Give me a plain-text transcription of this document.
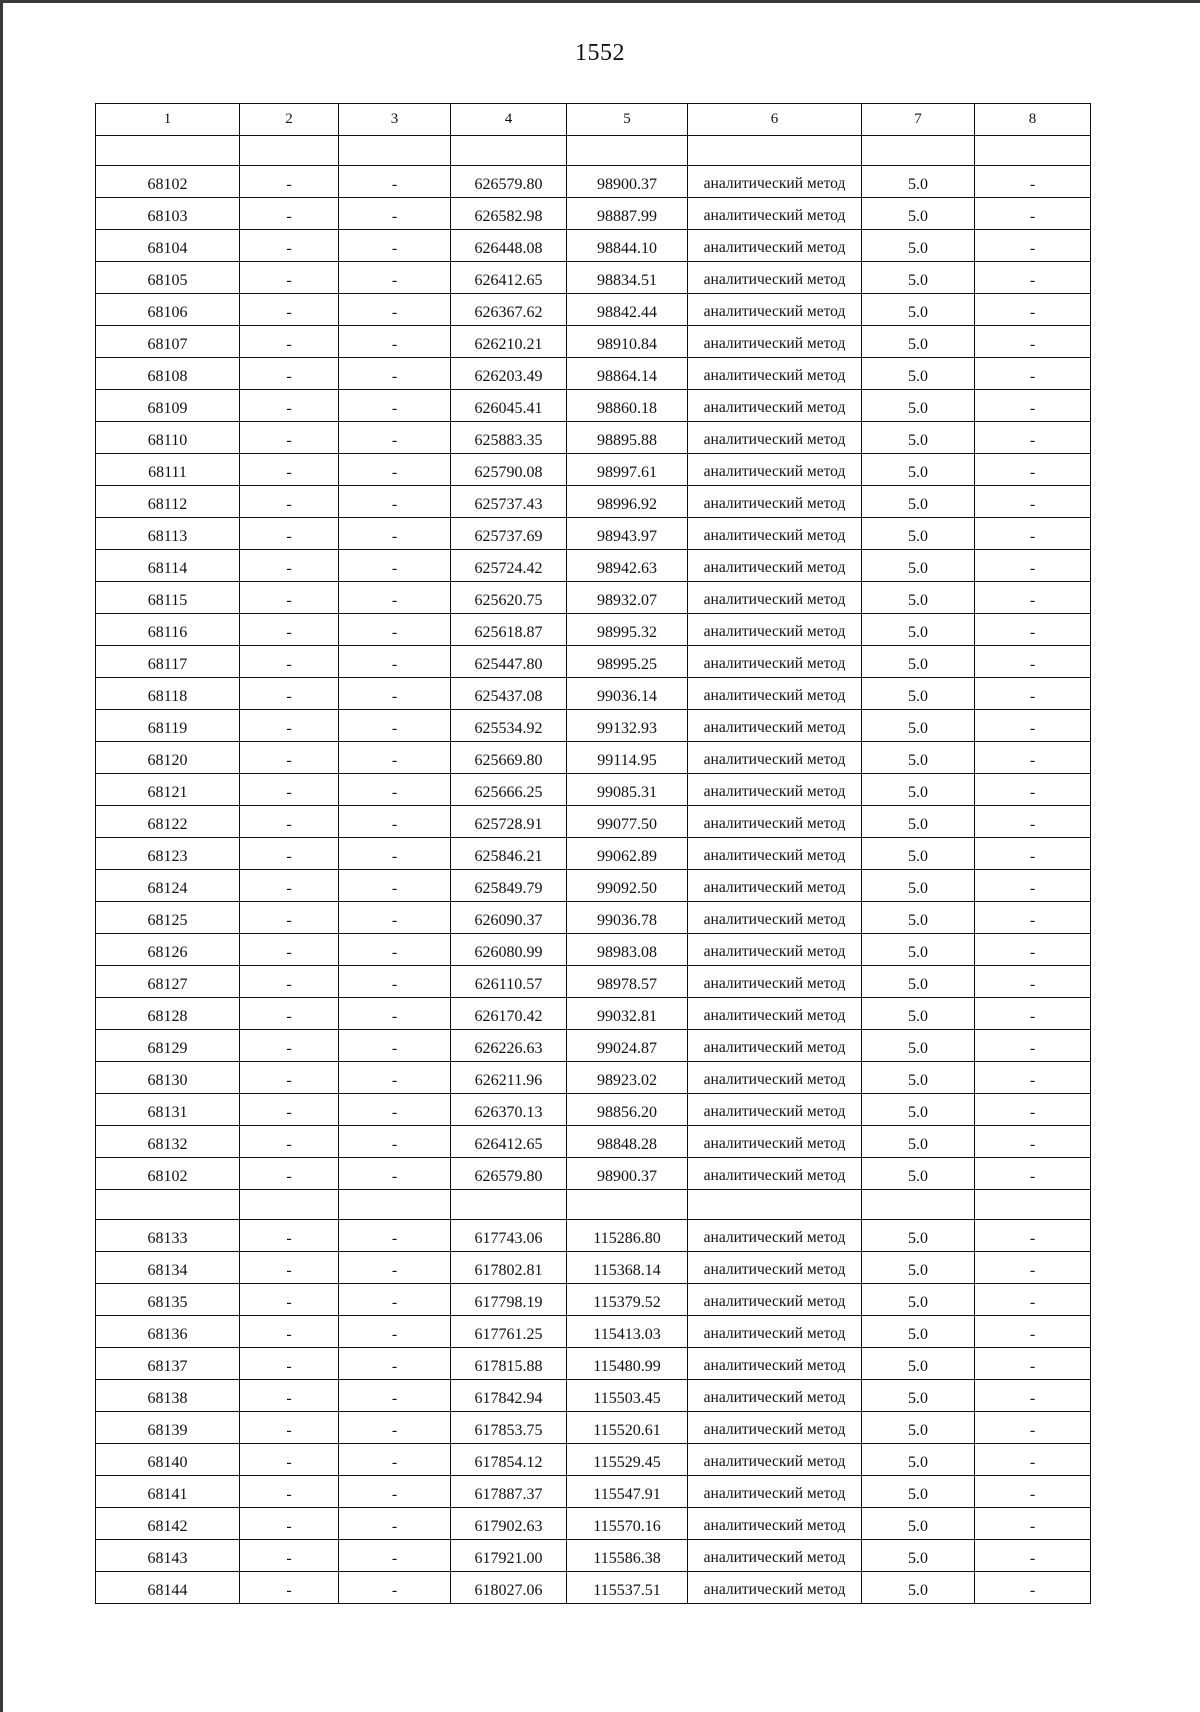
1552
1	2	3	4	5	6	7	8

68102	-	-	626579.80	98900.37	аналитический метод	5.0	-
68103	-	-	626582.98	98887.99	аналитический метод	5.0	-
68104	-	-	626448.08	98844.10	аналитический метод	5.0	-
68105	-	-	626412.65	98834.51	аналитический метод	5.0	-
68106	-	-	626367.62	98842.44	аналитический метод	5.0	-
68107	-	-	626210.21	98910.84	аналитический метод	5.0	-
68108	-	-	626203.49	98864.14	аналитический метод	5.0	-
68109	-	-	626045.41	98860.18	аналитический метод	5.0	-
68110	-	-	625883.35	98895.88	аналитический метод	5.0	-
68111	-	-	625790.08	98997.61	аналитический метод	5.0	-
68112	-	-	625737.43	98996.92	аналитический метод	5.0	-
68113	-	-	625737.69	98943.97	аналитический метод	5.0	-
68114	-	-	625724.42	98942.63	аналитический метод	5.0	-
68115	-	-	625620.75	98932.07	аналитический метод	5.0	-
68116	-	-	625618.87	98995.32	аналитический метод	5.0	-
68117	-	-	625447.80	98995.25	аналитический метод	5.0	-
68118	-	-	625437.08	99036.14	аналитический метод	5.0	-
68119	-	-	625534.92	99132.93	аналитический метод	5.0	-
68120	-	-	625669.80	99114.95	аналитический метод	5.0	-
68121	-	-	625666.25	99085.31	аналитический метод	5.0	-
68122	-	-	625728.91	99077.50	аналитический метод	5.0	-
68123	-	-	625846.21	99062.89	аналитический метод	5.0	-
68124	-	-	625849.79	99092.50	аналитический метод	5.0	-
68125	-	-	626090.37	99036.78	аналитический метод	5.0	-
68126	-	-	626080.99	98983.08	аналитический метод	5.0	-
68127	-	-	626110.57	98978.57	аналитический метод	5.0	-
68128	-	-	626170.42	99032.81	аналитический метод	5.0	-
68129	-	-	626226.63	99024.87	аналитический метод	5.0	-
68130	-	-	626211.96	98923.02	аналитический метод	5.0	-
68131	-	-	626370.13	98856.20	аналитический метод	5.0	-
68132	-	-	626412.65	98848.28	аналитический метод	5.0	-
68102	-	-	626579.80	98900.37	аналитический метод	5.0	-

68133	-	-	617743.06	115286.80	аналитический метод	5.0	-
68134	-	-	617802.81	115368.14	аналитический метод	5.0	-
68135	-	-	617798.19	115379.52	аналитический метод	5.0	-
68136	-	-	617761.25	115413.03	аналитический метод	5.0	-
68137	-	-	617815.88	115480.99	аналитический метод	5.0	-
68138	-	-	617842.94	115503.45	аналитический метод	5.0	-
68139	-	-	617853.75	115520.61	аналитический метод	5.0	-
68140	-	-	617854.12	115529.45	аналитический метод	5.0	-
68141	-	-	617887.37	115547.91	аналитический метод	5.0	-
68142	-	-	617902.63	115570.16	аналитический метод	5.0	-
68143	-	-	617921.00	115586.38	аналитический метод	5.0	-
68144	-	-	618027.06	115537.51	аналитический метод	5.0	-
